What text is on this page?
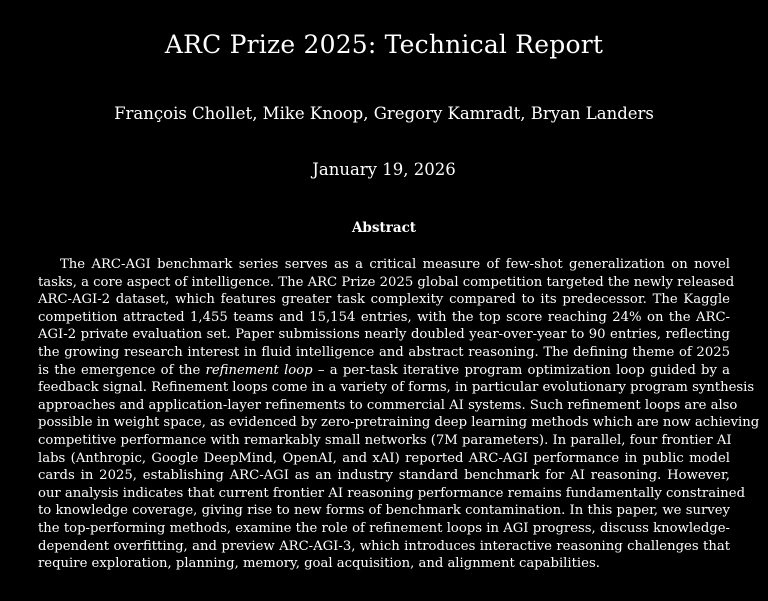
ARC Prize 2025: Technical Report
François Chollet, Mike Knoop, Gregory Kamradt, Bryan Landers
January 19, 2026
Abstract
The ARC-AGI benchmark series serves as a critical measure of few-shot generalization on novel
tasks, a core aspect of intelligence. The ARC Prize 2025 global competition targeted the newly released
ARC-AGI-2 dataset, which features greater task complexity compared to its predecessor. The Kaggle
competition attracted 1,455 teams and 15,154 entries, with the top score reaching 24% on the ARC-
AGI-2 private evaluation set. Paper submissions nearly doubled year-over-year to 90 entries, reflecting
the growing research interest in fluid intelligence and abstract reasoning. The defining theme of 2025
is the emergence of the refinement loop – a per-task iterative program optimization loop guided by a
feedback signal. Refinement loops come in a variety of forms, in particular evolutionary program synthesis
approaches and application-layer refinements to commercial AI systems. Such refinement loops are also
possible in weight space, as evidenced by zero-pretraining deep learning methods which are now achieving
competitive performance with remarkably small networks (7M parameters). In parallel, four frontier AI
labs (Anthropic, Google DeepMind, OpenAI, and xAI) reported ARC-AGI performance in public model
cards in 2025, establishing ARC-AGI as an industry standard benchmark for AI reasoning. However,
our analysis indicates that current frontier AI reasoning performance remains fundamentally constrained
to knowledge coverage, giving rise to new forms of benchmark contamination. In this paper, we survey
the top-performing methods, examine the role of refinement loops in AGI progress, discuss knowledge-
dependent overfitting, and preview ARC-AGI-3, which introduces interactive reasoning challenges that
require exploration, planning, memory, goal acquisition, and alignment capabilities.
